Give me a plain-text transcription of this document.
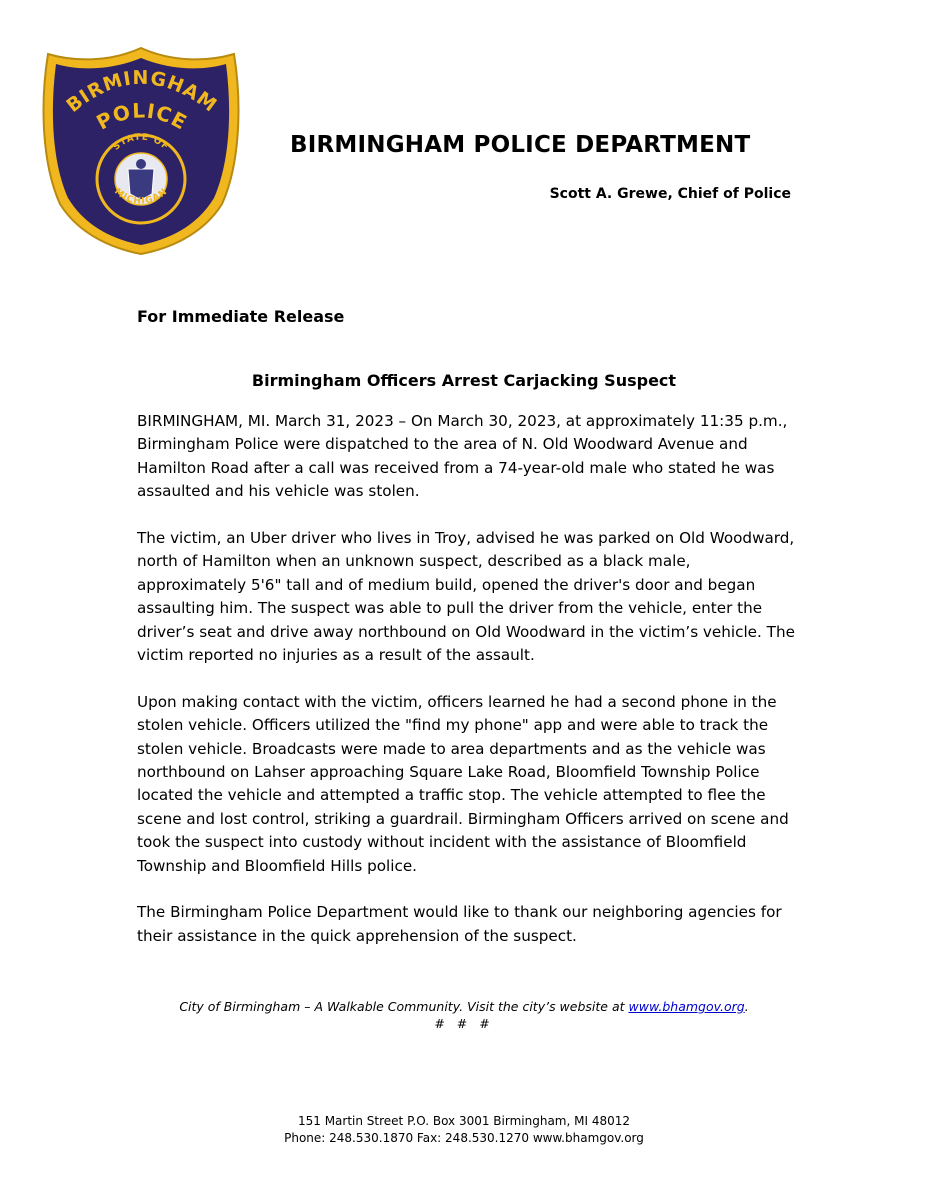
BIRMINGHAM
POLICE
STATE OF
MICHIGAN
BIRMINGHAM POLICE DEPARTMENT
Scott A. Grewe, Chief of Police
For Immediate Release
Birmingham Officers Arrest Carjacking Suspect

BIRMINGHAM, MI. March 31, 2023 – On March 30, 2023, at approximately 11:35 p.m., Birmingham Police were dispatched to the area of N. Old Woodward Avenue and Hamilton Road after a call was received from a 74-year-old male who stated he was assaulted and his vehicle was stolen.

The victim, an Uber driver who lives in Troy, advised he was parked on Old Woodward, north of Hamilton when an unknown suspect, described as a black male, approximately 5'6" tall and of medium build, opened the driver's door and began assaulting him. The suspect was able to pull the driver from the vehicle, enter the driver’s seat and drive away northbound on Old Woodward in the victim’s vehicle. The victim reported no injuries as a result of the assault.

Upon making contact with the victim, officers learned he had a second phone in the stolen vehicle. Officers utilized the "find my phone" app and were able to track the stolen vehicle. Broadcasts were made to area departments and as the vehicle was northbound on Lahser approaching Square Lake Road, Bloomfield Township Police located the vehicle and attempted a traffic stop. The vehicle attempted to flee the scene and lost control, striking a guardrail. Birmingham Officers arrived on scene and took the suspect into custody without incident with the assistance of Bloomfield Township and Bloomfield Hills police.

The Birmingham Police Department would like to thank our neighboring agencies for their assistance in the quick apprehension of the suspect.

City of Birmingham – A Walkable Community. Visit the city’s website at www.bhamgov.org.
# # #
151 Martin Street P.O. Box 3001 Birmingham, MI 48012
Phone: 248.530.1870 Fax: 248.530.1270 www.bhamgov.org
